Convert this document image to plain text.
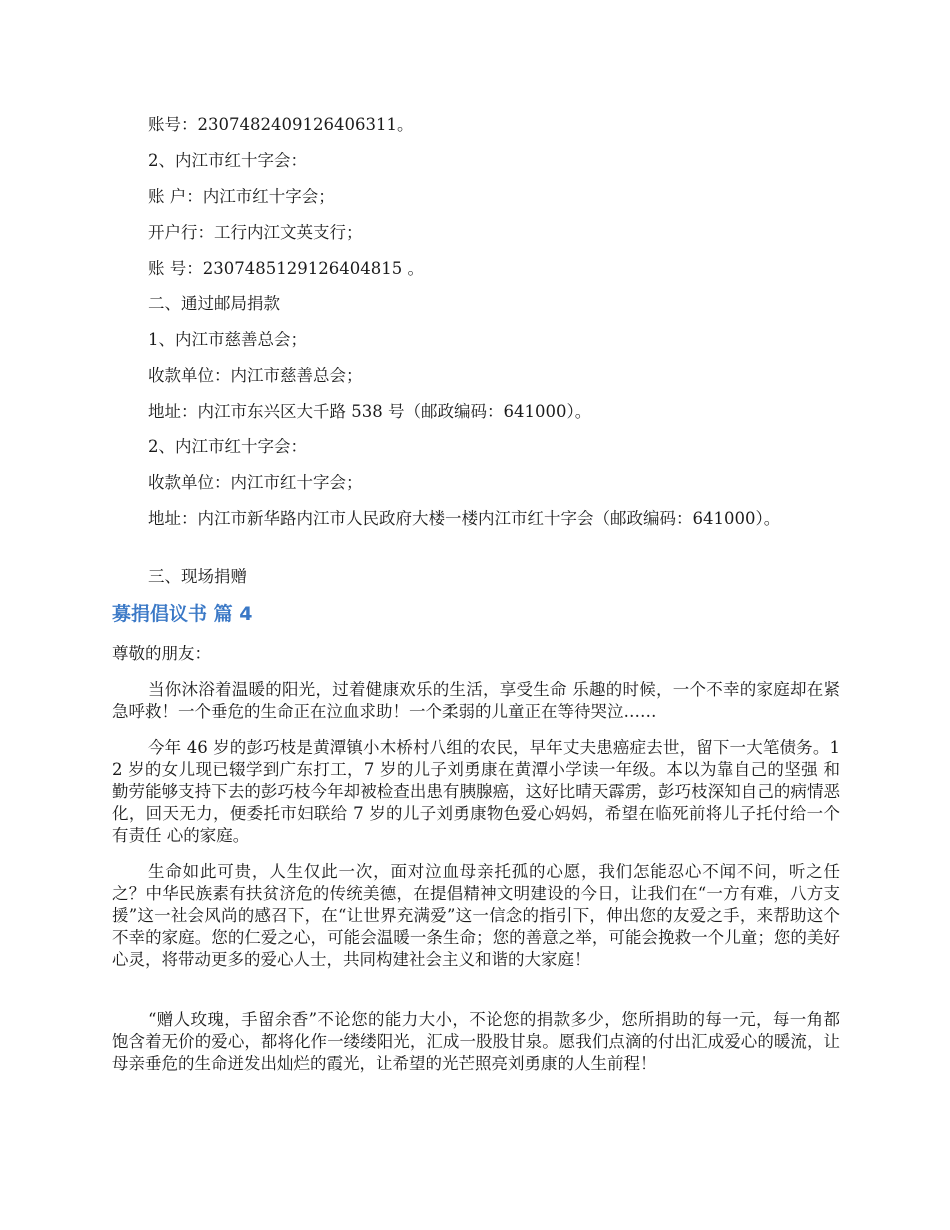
账号：2307482409126406311。
2、内江市红十字会：
账 户：内江市红十字会；
开户行：工行内江文英支行；
账 号：2307485129126404815 。
二、通过邮局捐款
1、内江市慈善总会；
收款单位：内江市慈善总会；
地址：内江市东兴区大千路 538 号（邮政编码：641000）。
2、内江市红十字会：
收款单位：内江市红十字会；
地址：内江市新华路内江市人民政府大楼一楼内江市红十字会（邮政编码：641000）。
三、现场捐赠
募捐倡议书 篇 4
尊敬的朋友：
当你沐浴着温暖的阳光，过着健康欢乐的生活，享受生命 乐趣的时候，一个不幸的家庭却在紧急呼救！一个垂危的生命正在泣血求助！一个柔弱的儿童正在等待哭泣……
今年 46 岁的彭巧枝是黄潭镇小木桥村八组的农民，早年丈夫患癌症去世，留下一大笔债务。12 岁的女儿现已辍学到广东打工，7 岁的儿子刘勇康在黄潭小学读一年级。本以为靠自己的坚强 和勤劳能够支持下去的彭巧枝今年却被检查出患有胰腺癌，这好比晴天霹雳，彭巧枝深知自己的病情恶化，回天无力，便委托市妇联给 7 岁的儿子刘勇康物色爱心妈妈，希望在临死前将儿子托付给一个有责任 心的家庭。
生命如此可贵，人生仅此一次，面对泣血母亲托孤的心愿，我们怎能忍心不闻不问，听之任之？中华民族素有扶贫济危的传统美德，在提倡精神文明建设的今日，让我们在“一方有难，八方支援”这一社会风尚的感召下，在“让世界充满爱”这一信念的指引下，伸出您的友爱之手，来帮助这个不幸的家庭。您的仁爱之心，可能会温暖一条生命；您的善意之举，可能会挽救一个儿童；您的美好心灵，将带动更多的爱心人士，共同构建社会主义和谐的大家庭！
“赠人玫瑰，手留余香”不论您的能力大小，不论您的捐款多少，您所捐助的每一元，每一角都饱含着无价的爱心，都将化作一缕缕阳光，汇成一股股甘泉。愿我们点滴的付出汇成爱心的暖流，让母亲垂危的生命迸发出灿烂的霞光，让希望的光芒照亮刘勇康的人生前程！
